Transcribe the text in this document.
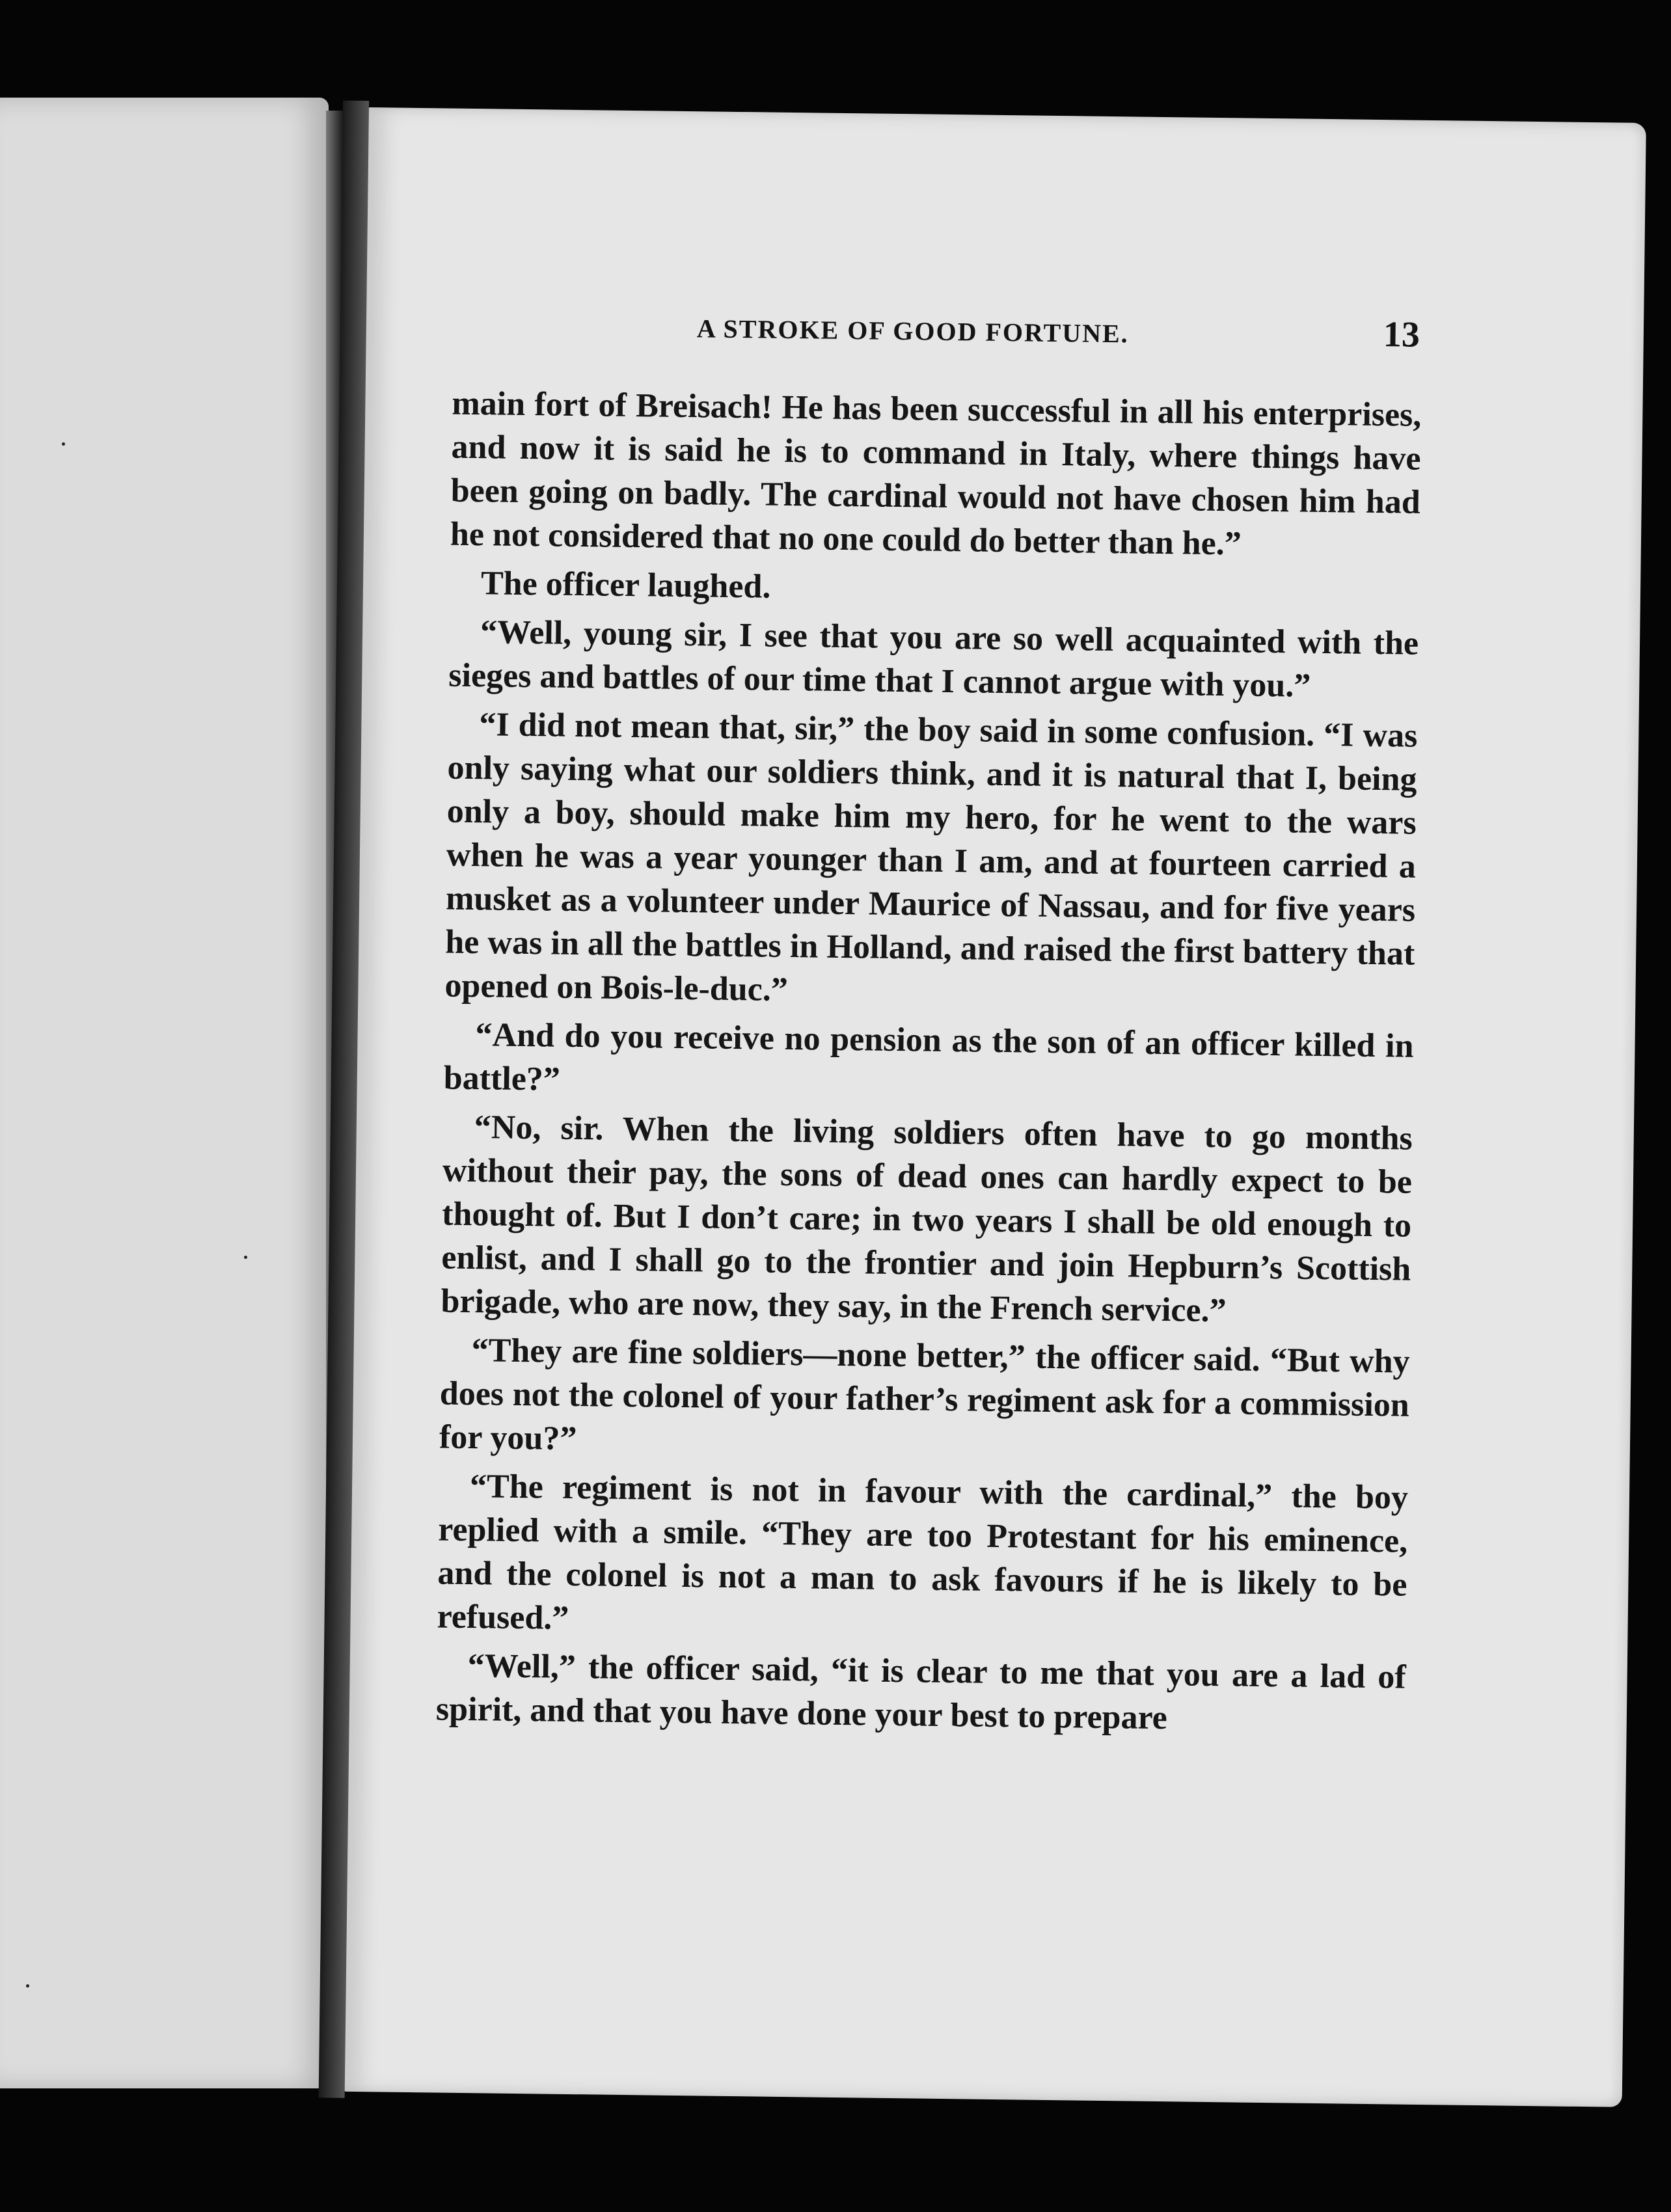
A STROKE OF GOOD FORTUNE.	13

main fort of Breisach! He has been successful in all his enterprises, and now it is said he is to command in Italy, where things have been going on badly. The cardinal would not have chosen him had he not considered that no one could do better than he.”

The officer laughed.

“Well, young sir, I see that you are so well acquainted with the sieges and battles of our time that I cannot argue with you.”

“I did not mean that, sir,” the boy said in some confusion. “I was only saying what our soldiers think, and it is natural that I, being only a boy, should make him my hero, for he went to the wars when he was a year younger than I am, and at fourteen carried a musket as a volunteer under Maurice of Nassau, and for five years he was in all the battles in Holland, and raised the first battery that opened on Bois-le-duc.”

“And do you receive no pension as the son of an officer killed in battle?”

“No, sir. When the living soldiers often have to go months without their pay, the sons of dead ones can hardly expect to be thought of. But I don’t care; in two years I shall be old enough to enlist, and I shall go to the frontier and join Hepburn’s Scottish brigade, who are now, they say, in the French service.”

“They are fine soldiers—none better,” the officer said. “But why does not the colonel of your father’s regiment ask for a commission for you?”

“The regiment is not in favour with the cardinal,” the boy replied with a smile. “They are too Protestant for his eminence, and the colonel is not a man to ask favours if he is likely to be refused.”

“Well,” the officer said, “it is clear to me that you are a lad of spirit, and that you have done your best to prepare
